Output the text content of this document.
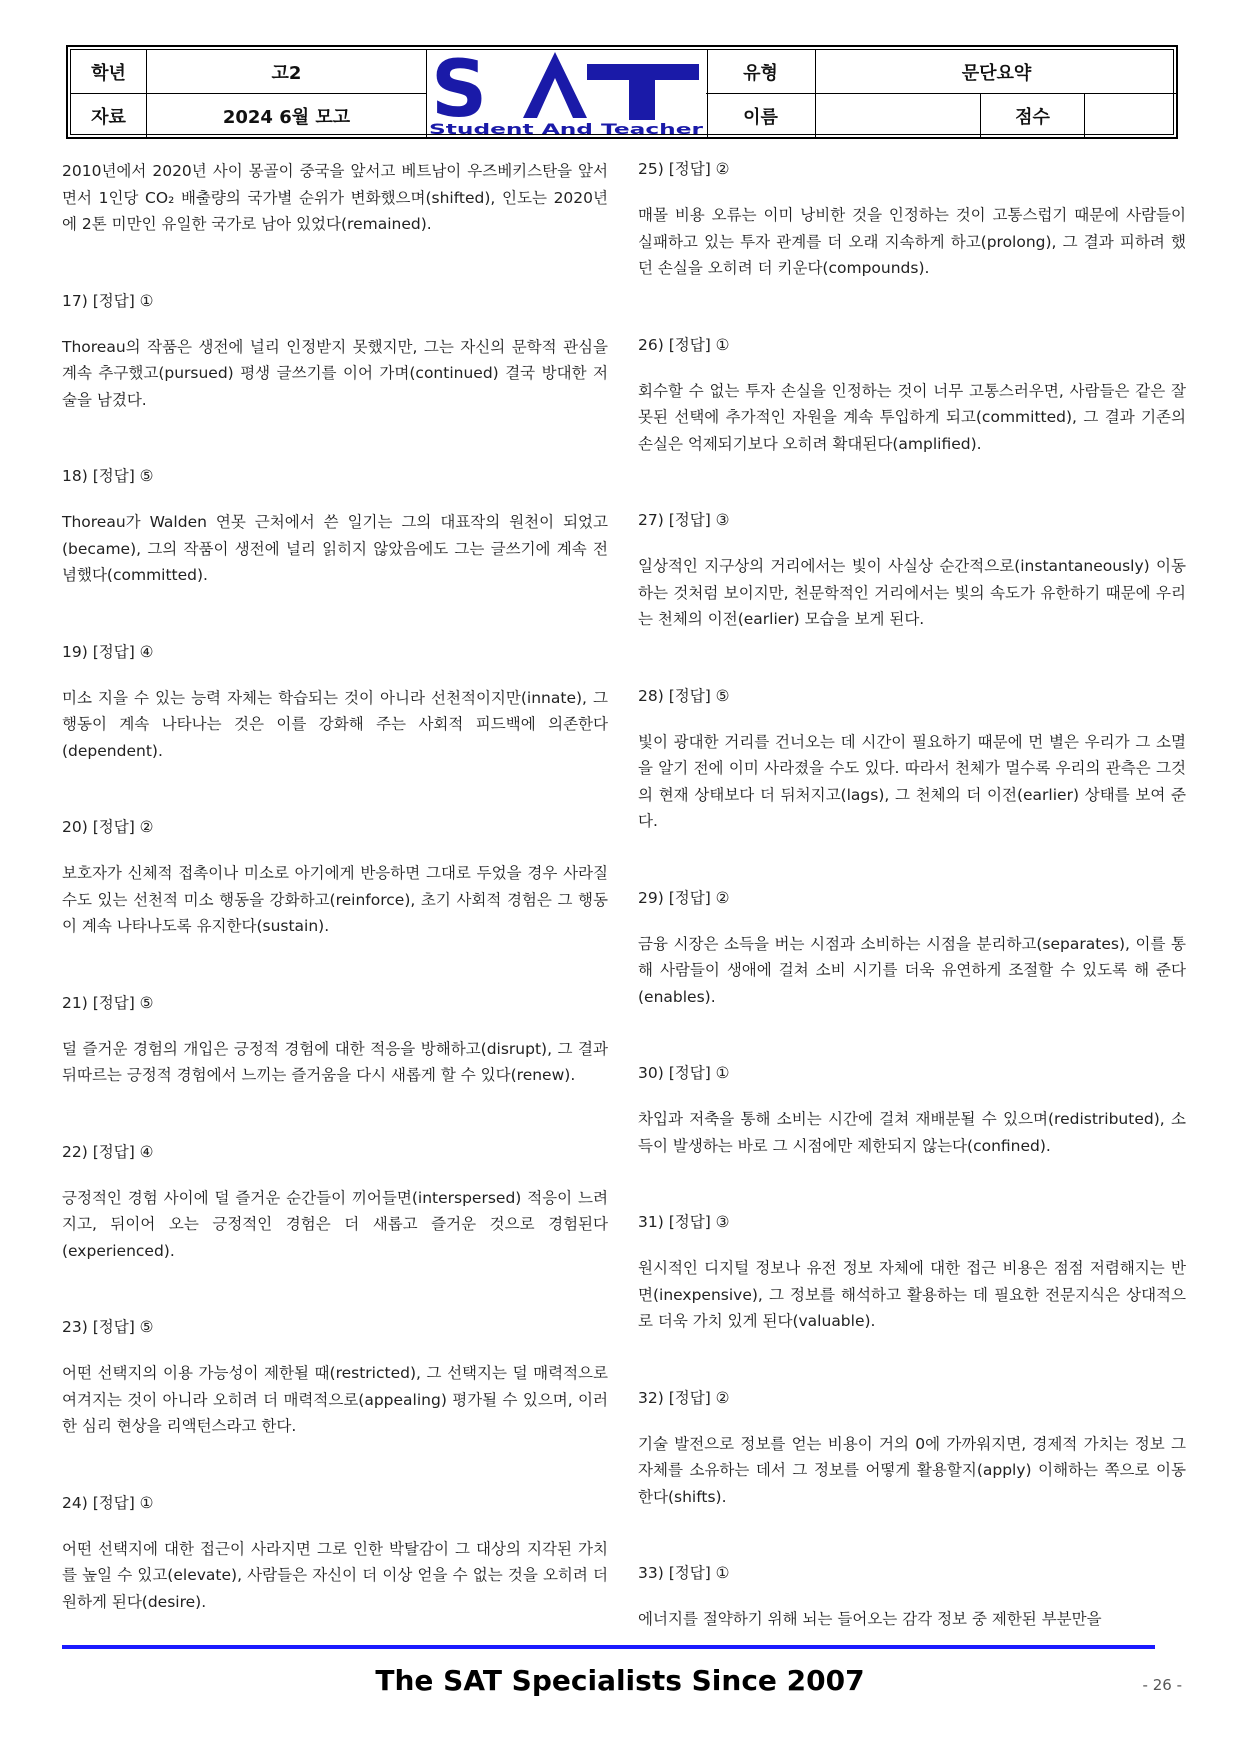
학년	고2	유형	문단요약
자료	2024 6월 모고	이름	점수
S
Student And Teacher

2010년에서 2020년 사이 몽골이 중국을 앞서고 베트남이 우즈베키스탄을 앞서면서 1인당 CO₂ 배출량의 국가별 순위가 변화했으며(shifted), 인도는 2020년에 2톤 미만인 유일한 국가로 남아 있었다(remained).

17) [정답] ①

Thoreau의 작품은 생전에 널리 인정받지 못했지만, 그는 자신의 문학적 관심을 계속 추구했고(pursued) 평생 글쓰기를 이어 가며(continued) 결국 방대한 저술을 남겼다.

18) [정답] ⑤

Thoreau가 Walden 연못 근처에서 쓴 일기는 그의 대표작의 원천이 되었고(became), 그의 작품이 생전에 널리 읽히지 않았음에도 그는 글쓰기에 계속 전념했다(committed).

19) [정답] ④

미소 지을 수 있는 능력 자체는 학습되는 것이 아니라 선천적이지만(innate), 그 행동이 계속 나타나는 것은 이를 강화해 주는 사회적 피드백에 의존한다(dependent).

20) [정답] ②

보호자가 신체적 접촉이나 미소로 아기에게 반응하면 그대로 두었을 경우 사라질 수도 있는 선천적 미소 행동을 강화하고(reinforce), 초기 사회적 경험은 그 행동이 계속 나타나도록 유지한다(sustain).

21) [정답] ⑤

덜 즐거운 경험의 개입은 긍정적 경험에 대한 적응을 방해하고(disrupt), 그 결과 뒤따르는 긍정적 경험에서 느끼는 즐거움을 다시 새롭게 할 수 있다(renew).

22) [정답] ④

긍정적인 경험 사이에 덜 즐거운 순간들이 끼어들면(interspersed) 적응이 느려지고, 뒤이어 오는 긍정적인 경험은 더 새롭고 즐거운 것으로 경험된다(experienced).

23) [정답] ⑤

어떤 선택지의 이용 가능성이 제한될 때(restricted), 그 선택지는 덜 매력적으로 여겨지는 것이 아니라 오히려 더 매력적으로(appealing) 평가될 수 있으며, 이러한 심리 현상을 리액턴스라고 한다.

24) [정답] ①

어떤 선택지에 대한 접근이 사라지면 그로 인한 박탈감이 그 대상의 지각된 가치를 높일 수 있고(elevate), 사람들은 자신이 더 이상 얻을 수 없는 것을 오히려 더 원하게 된다(desire).

25) [정답] ②

매몰 비용 오류는 이미 낭비한 것을 인정하는 것이 고통스럽기 때문에 사람들이 실패하고 있는 투자 관계를 더 오래 지속하게 하고(prolong), 그 결과 피하려 했던 손실을 오히려 더 키운다(compounds).

26) [정답] ①

회수할 수 없는 투자 손실을 인정하는 것이 너무 고통스러우면, 사람들은 같은 잘못된 선택에 추가적인 자원을 계속 투입하게 되고(committed), 그 결과 기존의 손실은 억제되기보다 오히려 확대된다(amplified).

27) [정답] ③

일상적인 지구상의 거리에서는 빛이 사실상 순간적으로(instantaneously) 이동하는 것처럼 보이지만, 천문학적인 거리에서는 빛의 속도가 유한하기 때문에 우리는 천체의 이전(earlier) 모습을 보게 된다.

28) [정답] ⑤

빛이 광대한 거리를 건너오는 데 시간이 필요하기 때문에 먼 별은 우리가 그 소멸을 알기 전에 이미 사라졌을 수도 있다. 따라서 천체가 멀수록 우리의 관측은 그것의 현재 상태보다 더 뒤처지고(lags), 그 천체의 더 이전(earlier) 상태를 보여 준다.

29) [정답] ②

금융 시장은 소득을 버는 시점과 소비하는 시점을 분리하고(separates), 이를 통해 사람들이 생애에 걸쳐 소비 시기를 더욱 유연하게 조절할 수 있도록 해 준다(enables).

30) [정답] ①

차입과 저축을 통해 소비는 시간에 걸쳐 재배분될 수 있으며(redistributed), 소득이 발생하는 바로 그 시점에만 제한되지 않는다(confined).

31) [정답] ③

원시적인 디지털 정보나 유전 정보 자체에 대한 접근 비용은 점점 저렴해지는 반면(inexpensive), 그 정보를 해석하고 활용하는 데 필요한 전문지식은 상대적으로 더욱 가치 있게 된다(valuable).

32) [정답] ②

기술 발전으로 정보를 얻는 비용이 거의 0에 가까워지면, 경제적 가치는 정보 그 자체를 소유하는 데서 그 정보를 어떻게 활용할지(apply) 이해하는 쪽으로 이동한다(shifts).

33) [정답] ①

에너지를 절약하기 위해 뇌는 들어오는 감각 정보 중 제한된 부분만을

The SAT Specialists Since 2007	- 26 -
